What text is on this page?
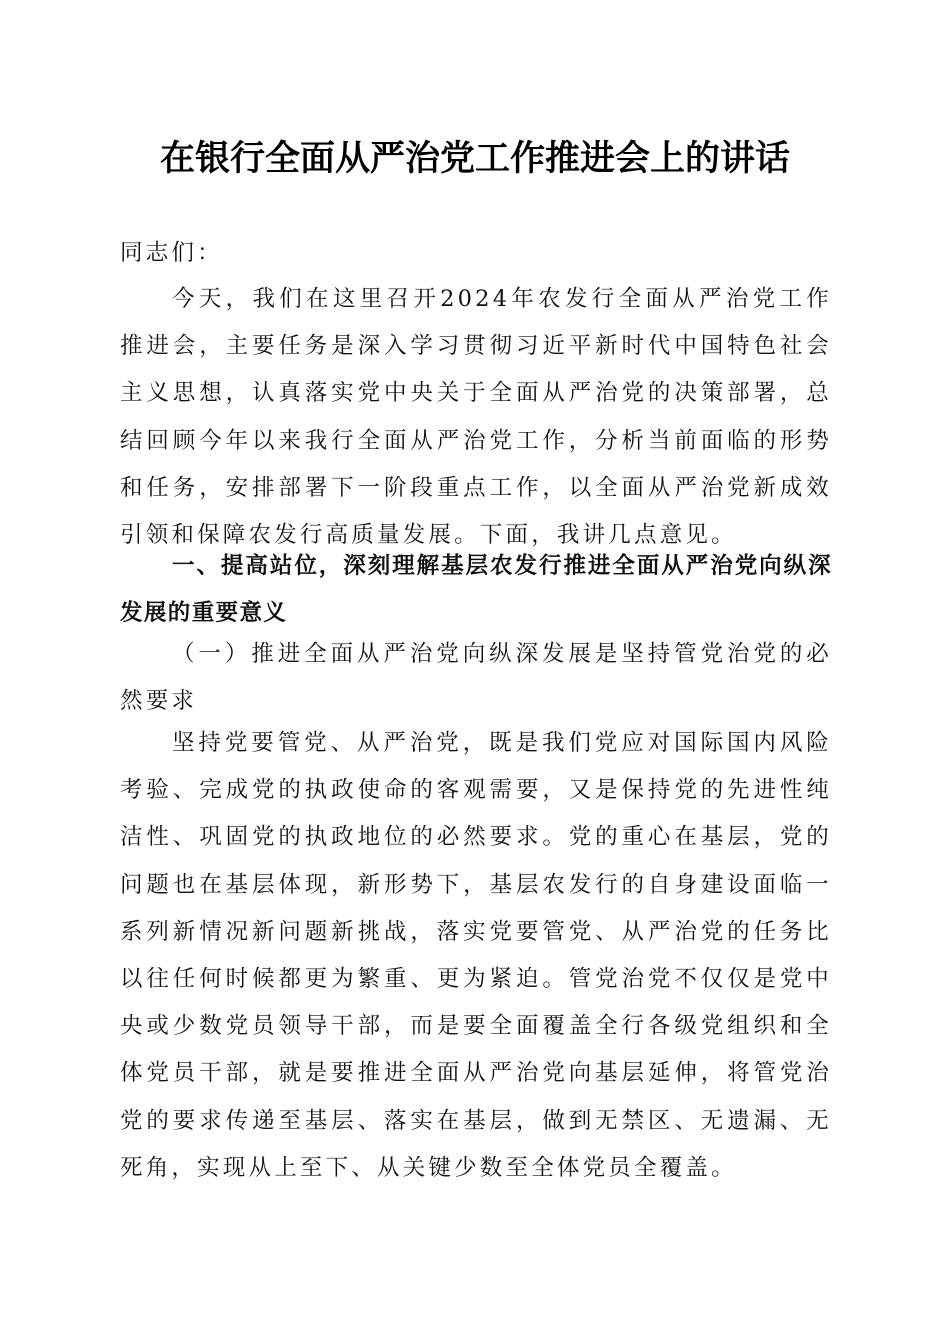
在银行全面从严治党工作推进会上的讲话
同志们：
今天，我们在这里召开2024年农发行全面从严治党工作推进会，主要任务是深入学习贯彻习近平新时代中国特色社会主义思想，认真落实党中央关于全面从严治党的决策部署，总结回顾今年以来我行全面从严治党工作，分析当前面临的形势和任务，安排部署下一阶段重点工作，以全面从严治党新成效引领和保障农发行高质量发展。下面，我讲几点意见。
一、提高站位，深刻理解基层农发行推进全面从严治党向纵深发展的重要意义
（一）推进全面从严治党向纵深发展是坚持管党治党的必然要求
坚持党要管党、从严治党，既是我们党应对国际国内风险考验、完成党的执政使命的客观需要，又是保持党的先进性纯洁性、巩固党的执政地位的必然要求。党的重心在基层，党的问题也在基层体现，新形势下，基层农发行的自身建设面临一系列新情况新问题新挑战，落实党要管党、从严治党的任务比以往任何时候都更为繁重、更为紧迫。管党治党不仅仅是党中央或少数党员领导干部，而是要全面覆盖全行各级党组织和全体党员干部，就是要推进全面从严治党向基层延伸，将管党治党的要求传递至基层、落实在基层，做到无禁区、无遗漏、无死角，实现从上至下、从关键少数至全体党员全覆盖。
